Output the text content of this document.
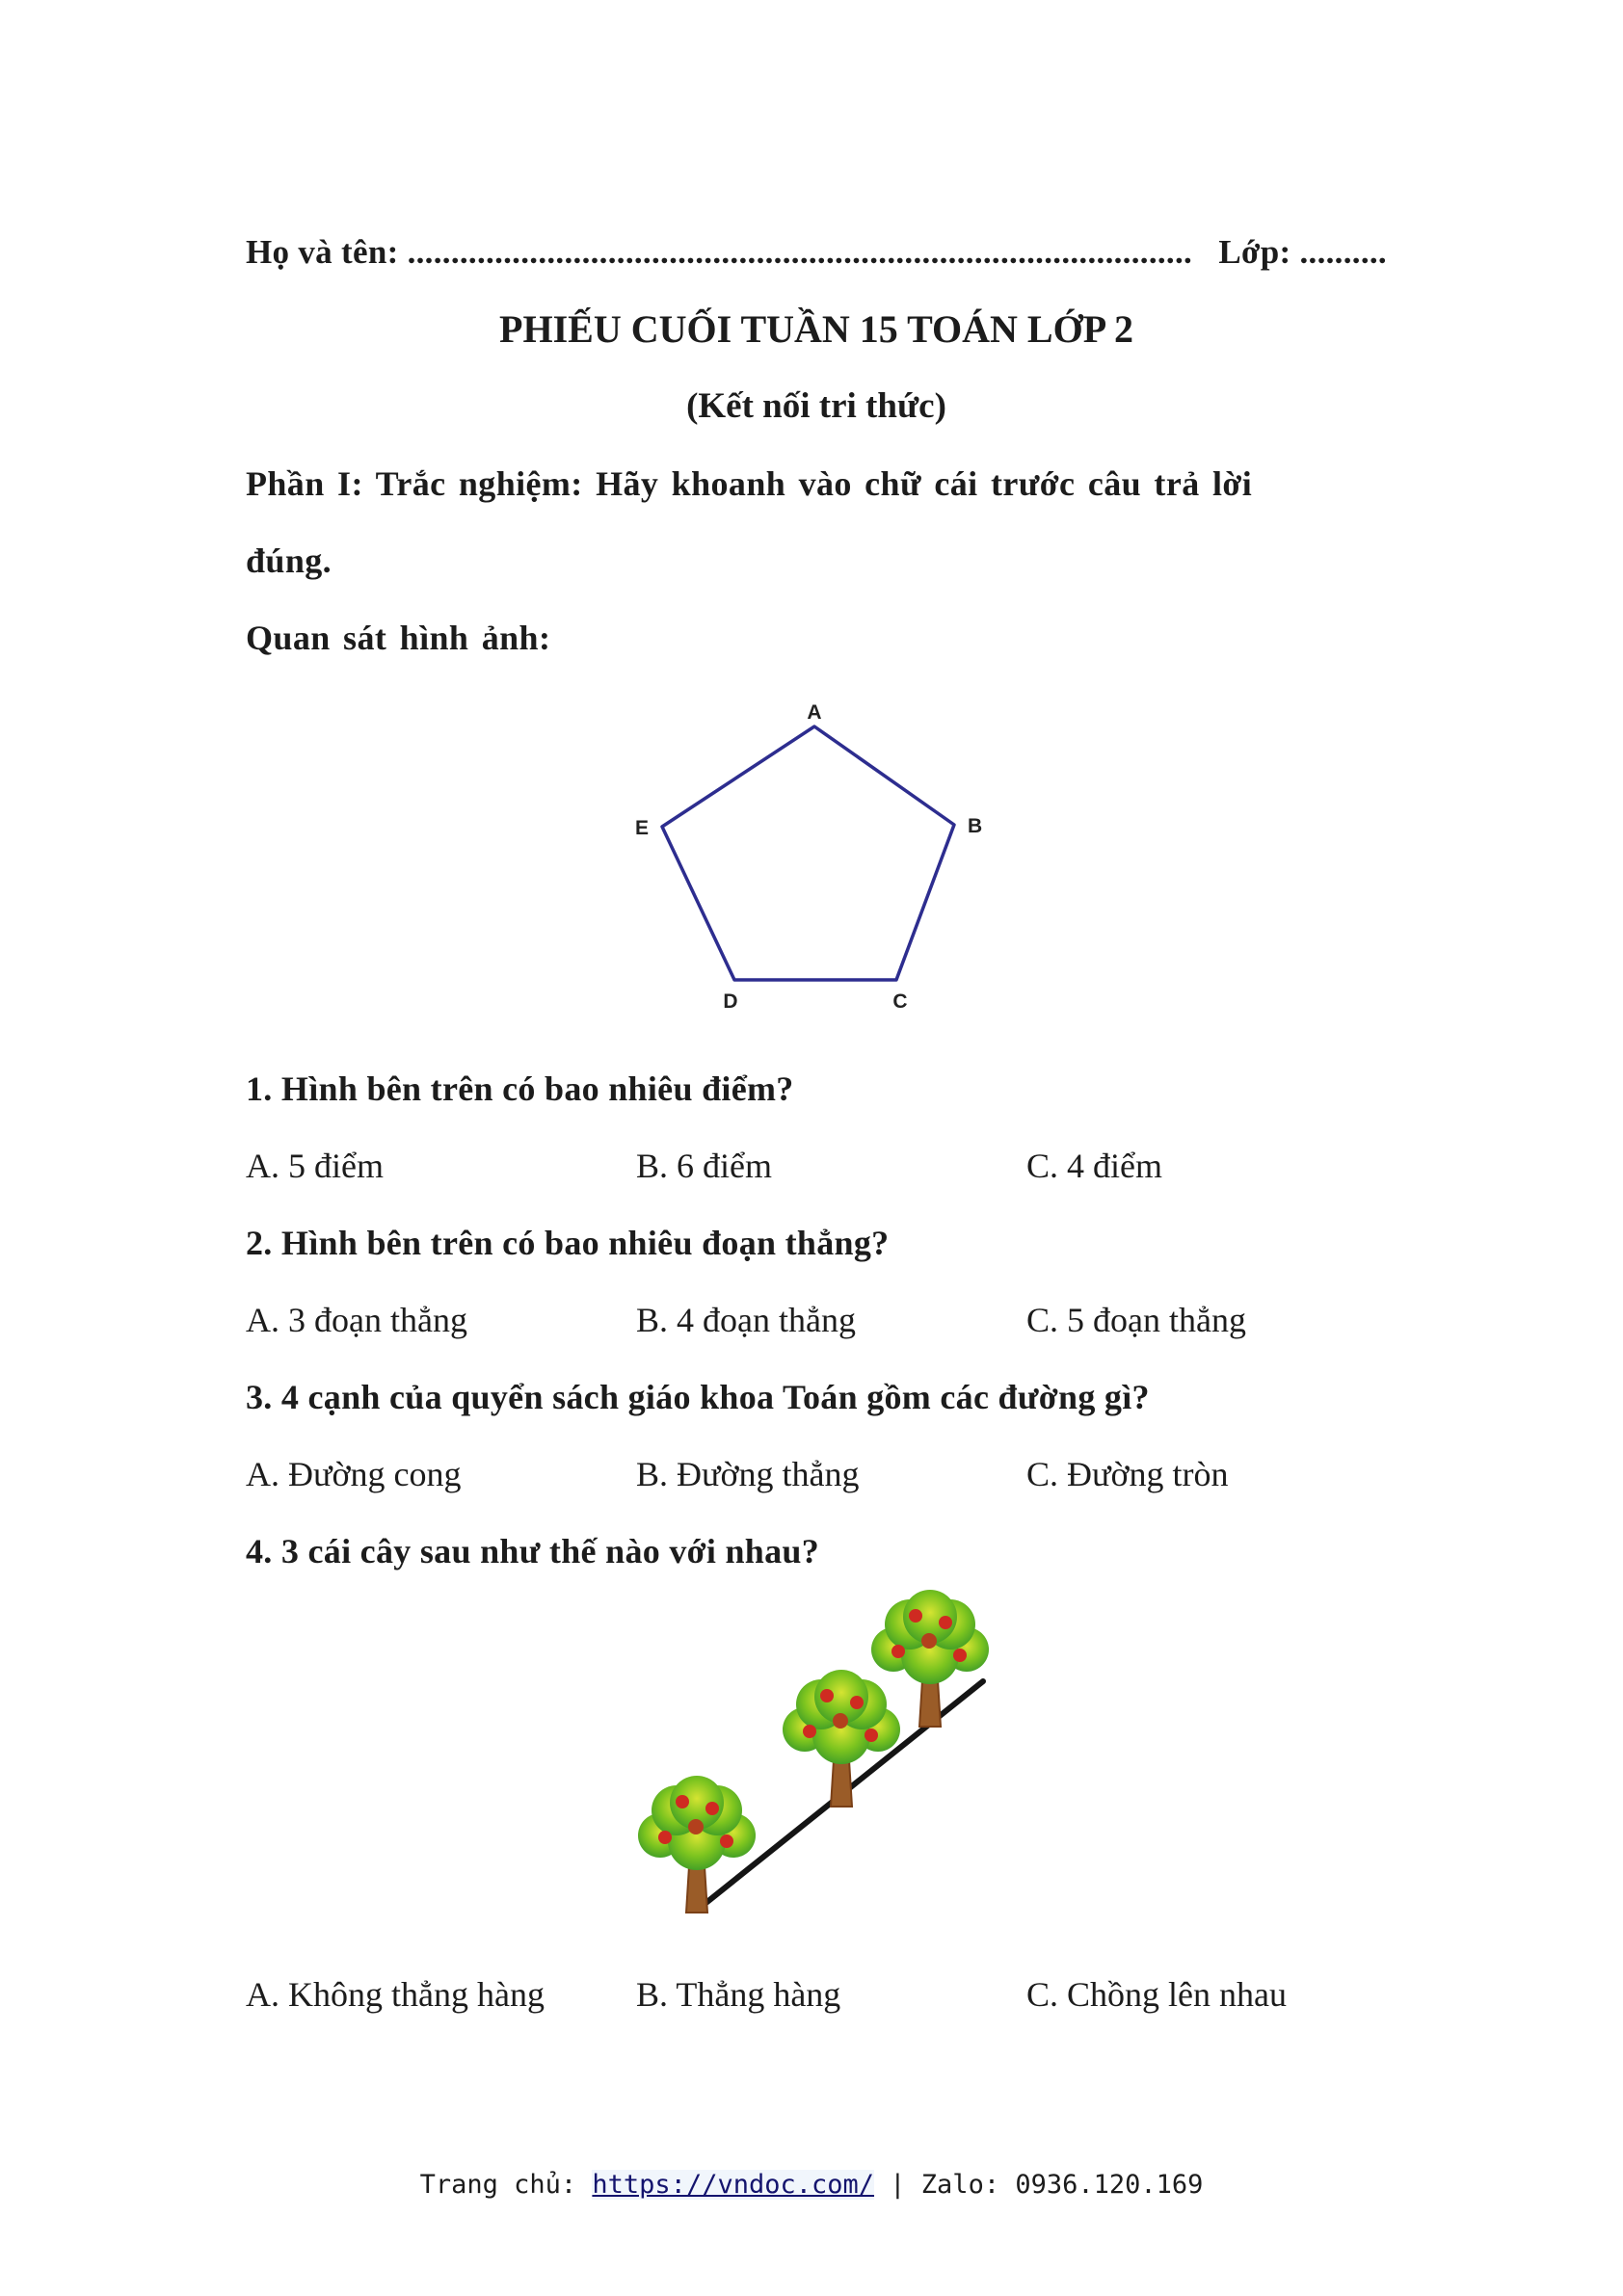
Họ và tên: .......................................................................................... Lớp: ..........
PHIẾU CUỐI TUẦN 15 TOÁN LỚP 2
(Kết nối tri thức)
Phần I: Trắc nghiệm: Hãy khoanh vào chữ cái trước câu trả lời
đúng.
Quan sát hình ảnh:
A
B
C
D
E
1. Hình bên trên có bao nhiêu điểm?
A. 5 điểm	B. 6 điểm	C. 4 điểm
2. Hình bên trên có bao nhiêu đoạn thẳng?
A. 3 đoạn thẳng	B. 4 đoạn thẳng	C. 5 đoạn thẳng
3. 4 cạnh của quyển sách giáo khoa Toán gồm các đường gì?
A. Đường cong	B. Đường thẳng	C. Đường tròn
4. 3 cái cây sau như thế nào với nhau?
A. Không thẳng hàng	B. Thẳng hàng	C. Chồng lên nhau
Trang chủ: https://vndoc.com/ | Zalo: 0936.120.169
